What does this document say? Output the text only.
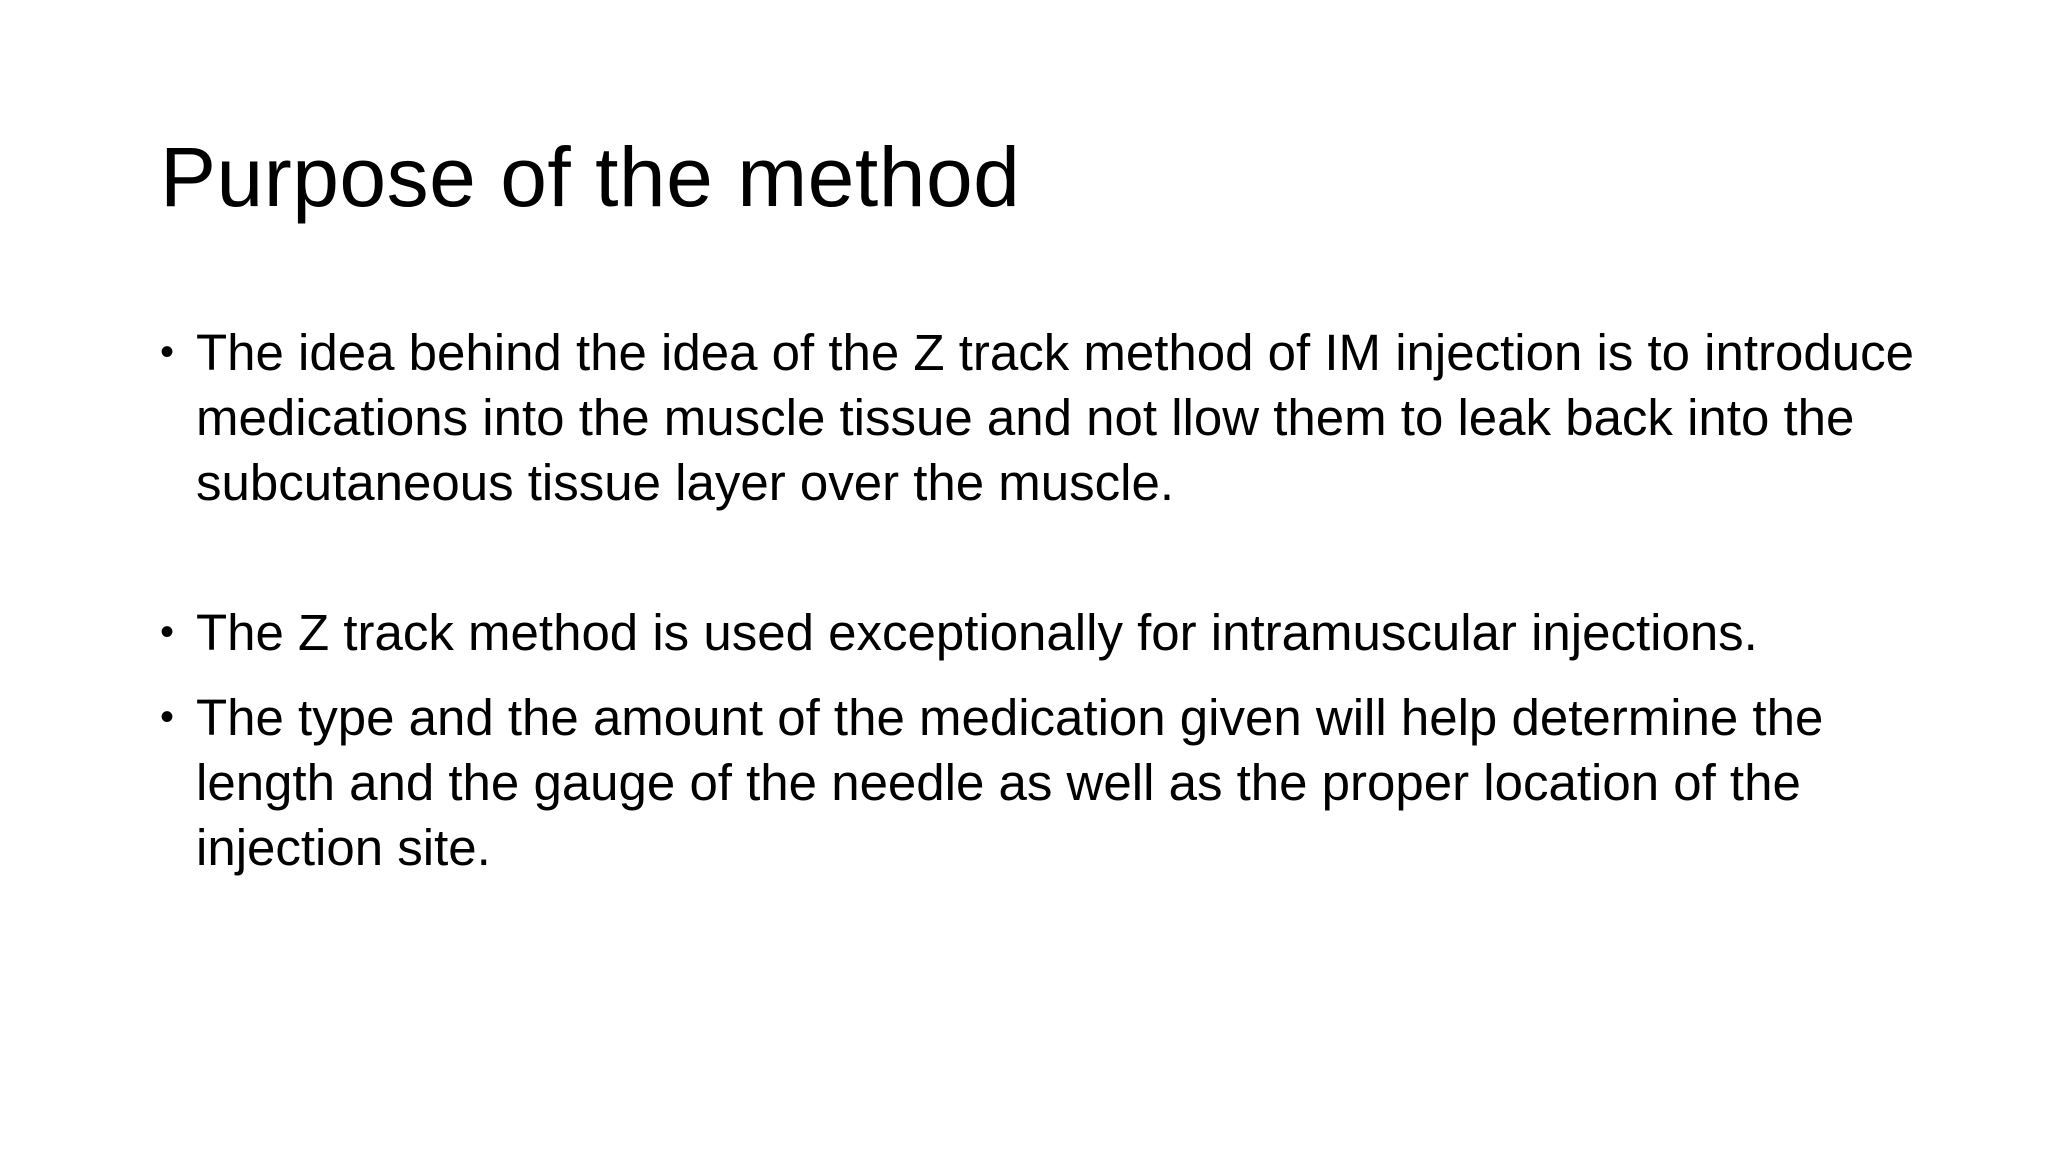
Purpose of the method
• The idea behind the idea of the Z track method of IM injection is to introduce medications into the muscle tissue and not llow them to leak back into the subcutaneous tissue layer over the muscle.
• The Z track method is used exceptionally for intramuscular injections.
• The type and the amount of the medication given will help determine the length and the gauge of the needle as well as the proper location of the injection site.
